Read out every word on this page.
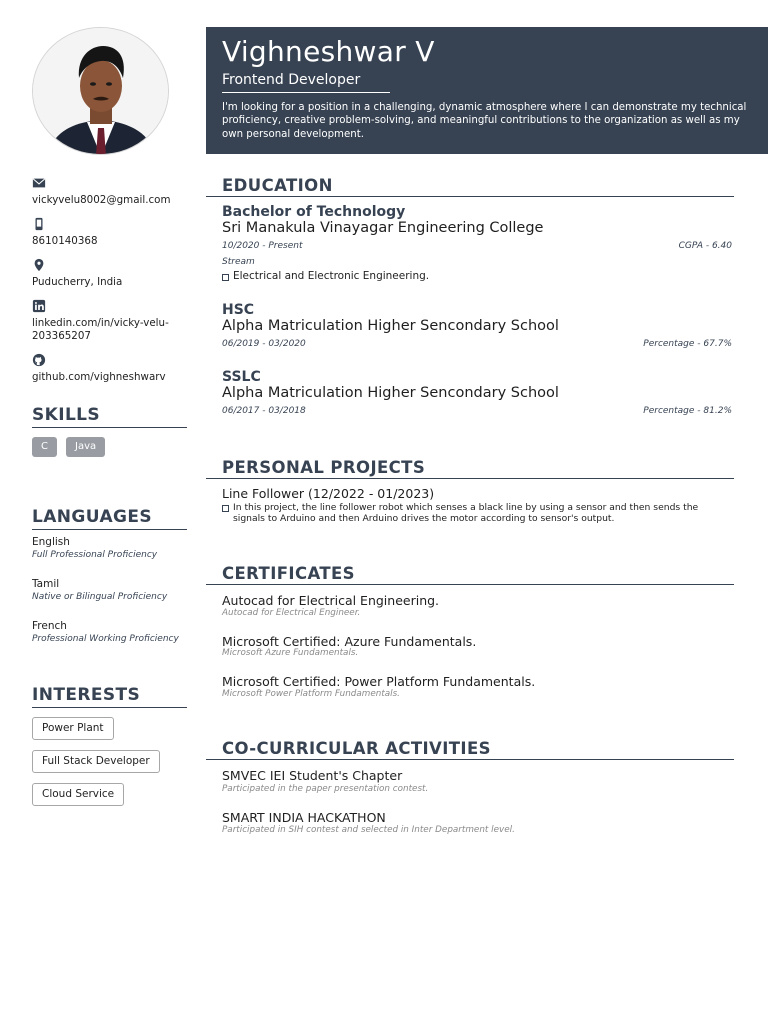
Vighneshwar V
Frontend Developer
I'm looking for a position in a challenging, dynamic atmosphere where I can demonstrate my technical proficiency, creative problem-solving, and meaningful contributions to the organization as well as my own personal development.
vickyvelu8002@gmail.com
8610140368
Puducherry, India
linkedin.com/in/vicky-velu-
203365207
github.com/vighneshwarv
SKILLS
C	Java
LANGUAGES
English
Full Professional Proficiency
Tamil
Native or Bilingual Proficiency
French
Professional Working Proficiency
INTERESTS
Power Plant
Full Stack Developer
Cloud Service
EDUCATION
Bachelor of Technology
Sri Manakula Vinayagar Engineering College
10/2020 - Present	CGPA - 6.40
Stream
Electrical and Electronic Engineering.
HSC
Alpha Matriculation Higher Sencondary School
06/2019 - 03/2020	Percentage - 67.7%
SSLC
Alpha Matriculation Higher Sencondary School
06/2017 - 03/2018	Percentage - 81.2%
PERSONAL PROJECTS
Line Follower (12/2022 - 01/2023)
In this project, the line follower robot which senses a black line by using a sensor and then sends the
signals to Arduino and then Arduino drives the motor according to sensor's output.
CERTIFICATES
Autocad for Electrical Engineering.
Autocad for Electrical Engineer.
Microsoft Certified: Azure Fundamentals.
Microsoft Azure Fundamentals.
Microsoft Certified: Power Platform Fundamentals.
Microsoft Power Platform Fundamentals.
CO-CURRICULAR ACTIVITIES
SMVEC IEI Student's Chapter
Participated in the paper presentation contest.
SMART INDIA HACKATHON
Participated in SIH contest and selected in Inter Department level.
